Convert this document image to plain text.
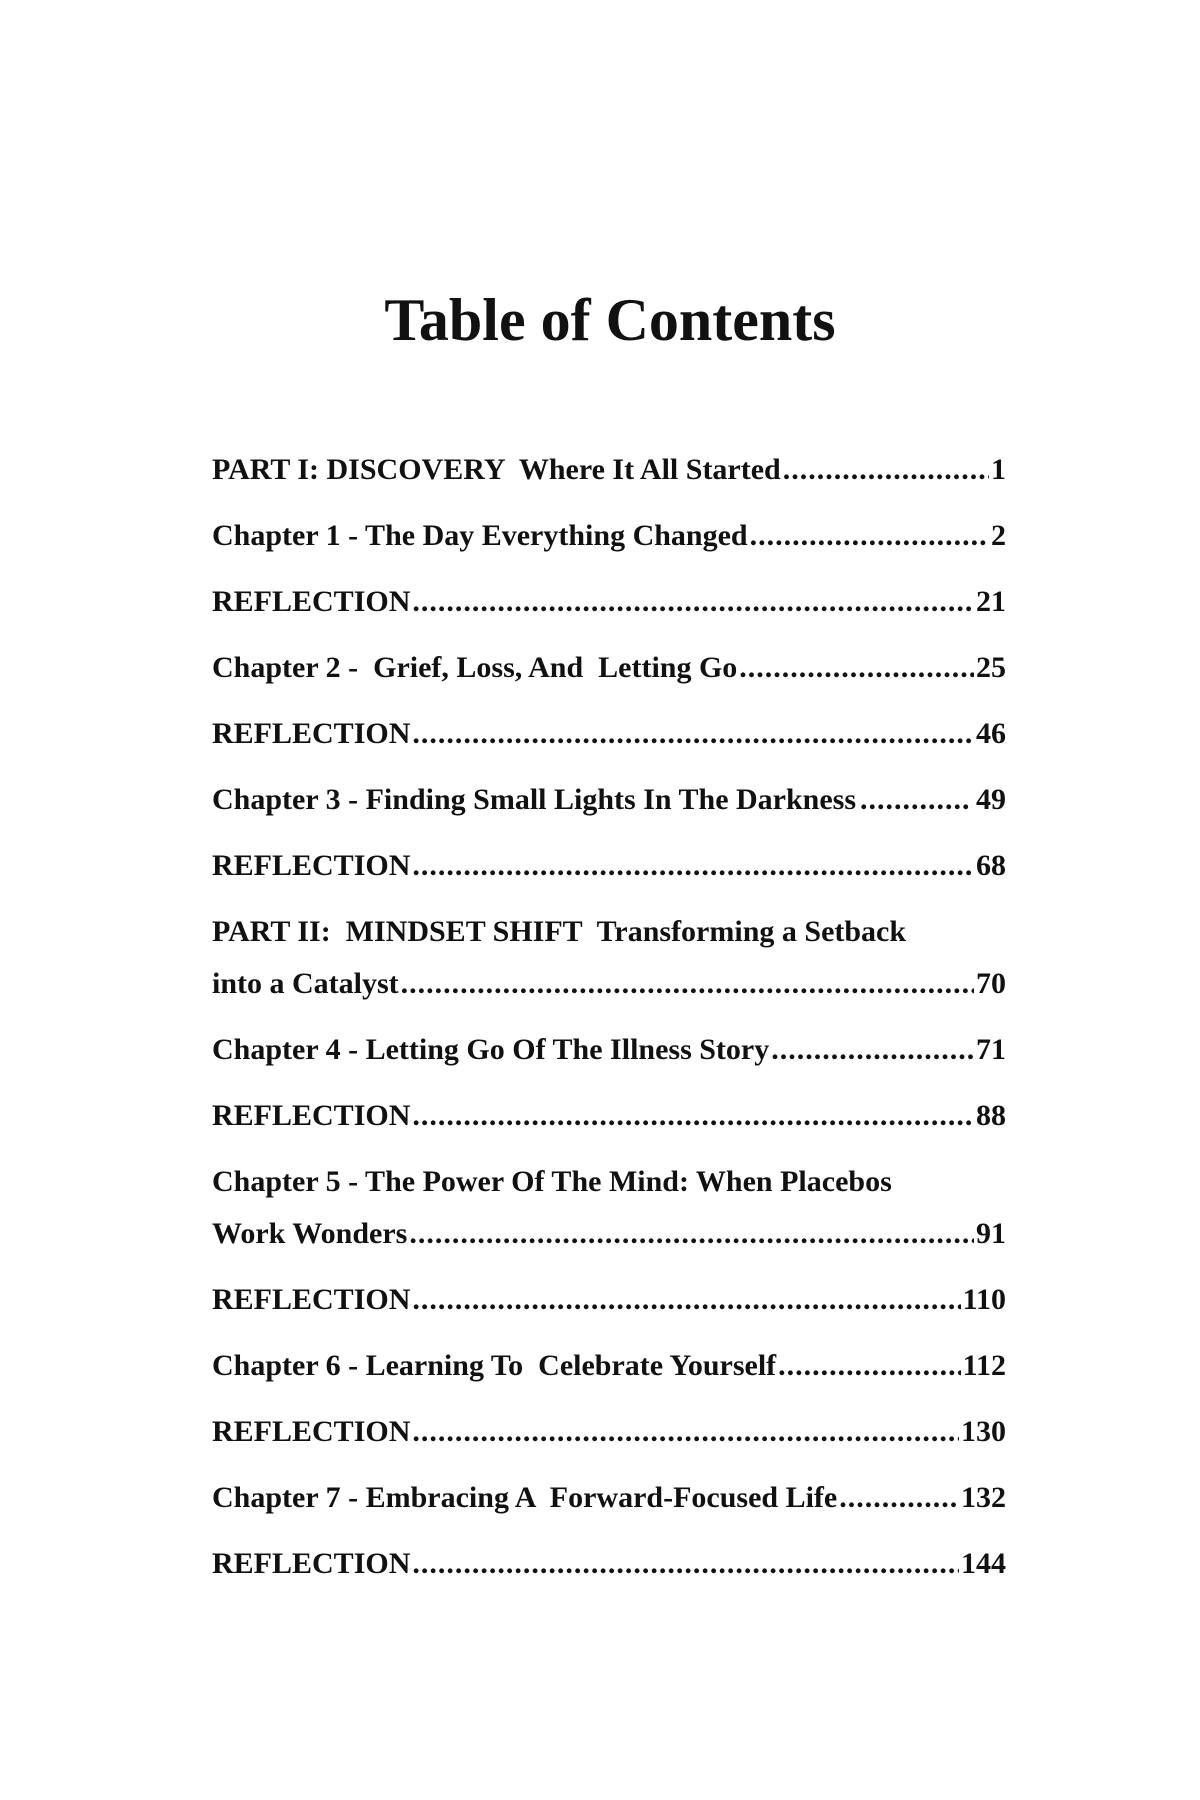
Table of Contents
PART I: DISCOVERY  Where It All Started .....	1
Chapter 1 - The Day Everything Changed .....	2
REFLECTION .....	21
Chapter 2 -  Grief, Loss, And  Letting Go .....	25
REFLECTION .....	46
Chapter 3 - Finding Small Lights In The Darkness .....	49
REFLECTION .....	68
PART II:  MINDSET SHIFT  Transforming a Setback
into a Catalyst .....	70
Chapter 4 - Letting Go Of The Illness Story .....	71
REFLECTION .....	88
Chapter 5 - The Power Of The Mind: When Placebos
Work Wonders .....	91
REFLECTION .....	110
Chapter 6 - Learning To  Celebrate Yourself .....	112
REFLECTION .....	130
Chapter 7 - Embracing A  Forward-Focused Life .....	132
REFLECTION .....	144
